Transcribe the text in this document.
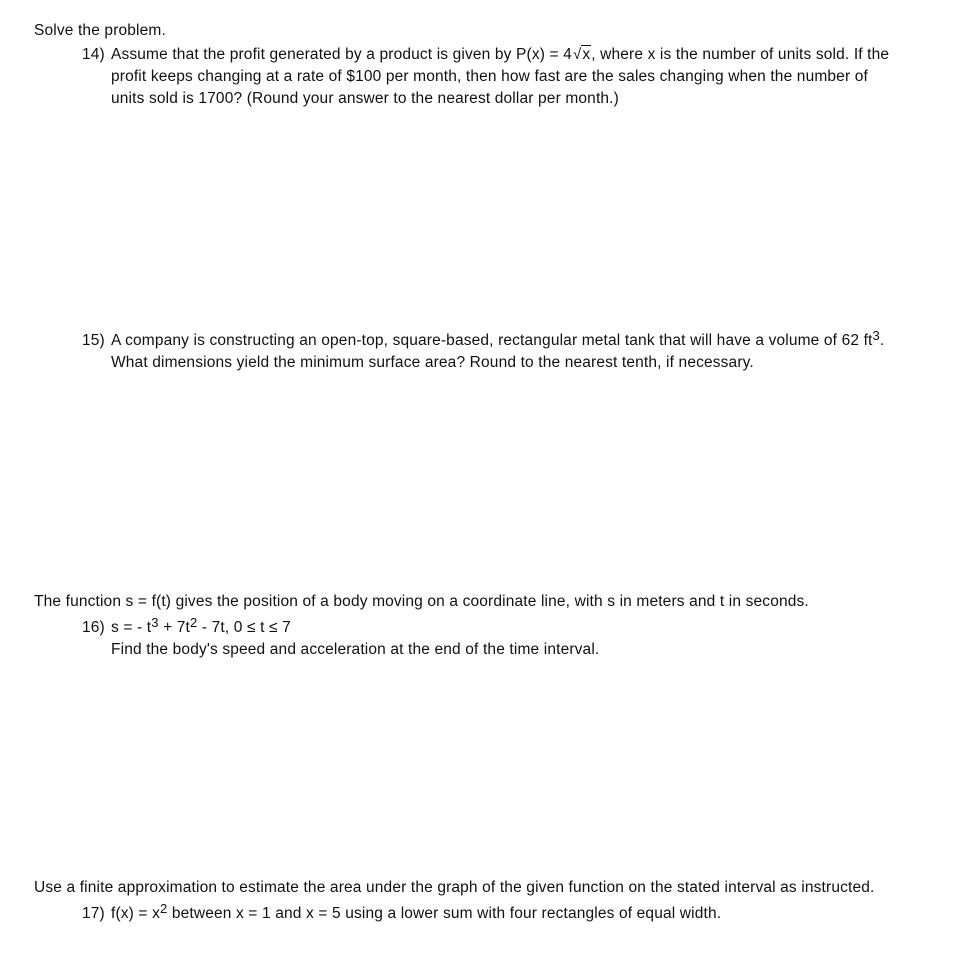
Solve the problem.
14) Assume that the profit generated by a product is given by P(x) = 4√x, where x is the number of units sold. If the
profit keeps changing at a rate of $100 per month, then how fast are the sales changing when the number of
units sold is 1700? (Round your answer to the nearest dollar per month.)
15) A company is constructing an open-top, square-based, rectangular metal tank that will have a volume of 62 $ft^3$.
What dimensions yield the minimum surface area? Round to the nearest tenth, if necessary.
The function s = f(t) gives the position of a body moving on a coordinate line, with s in meters and t in seconds.
16) s = - $t^3 + 7t^2 - 7t$, 0 ≤ t ≤ 7
Find the body's speed and acceleration at the end of the time interval.
Use a finite approximation to estimate the area under the graph of the given function on the stated interval as instructed.
17) $f(x) = x^2$ between x = 1 and x = 5 using a lower sum with four rectangles of equal width.
